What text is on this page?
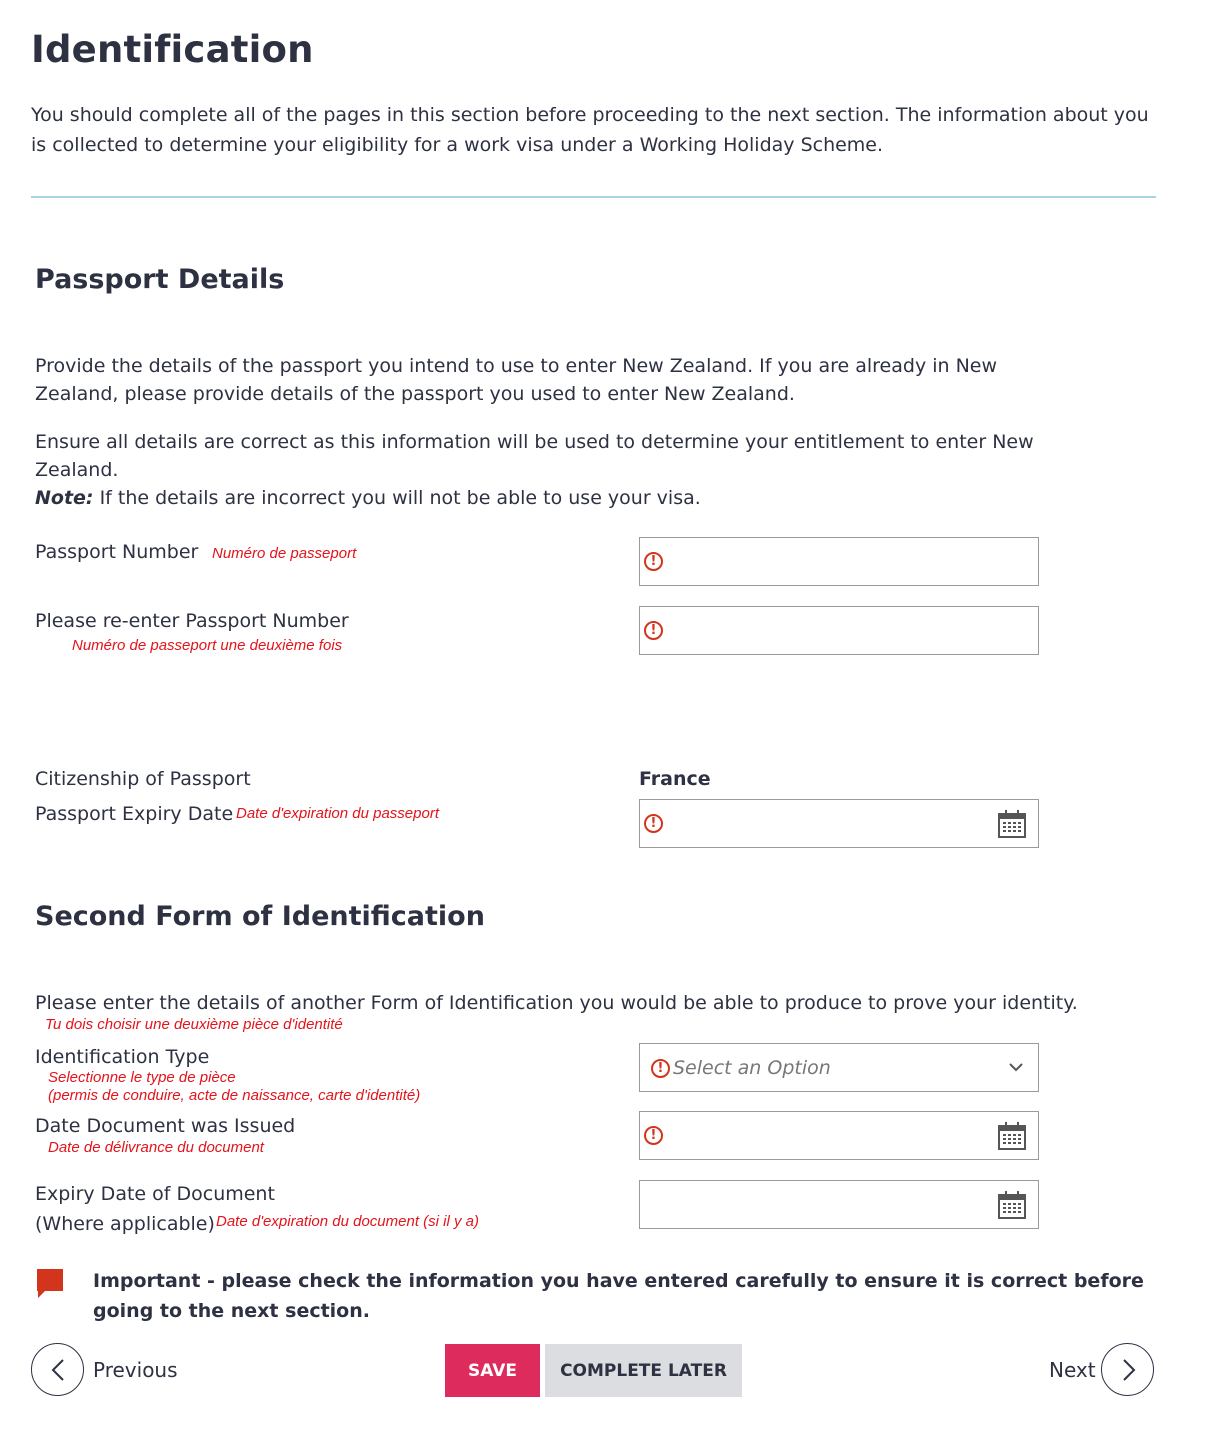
Identification
You should complete all of the pages in this section before proceeding to the next section. The information about you is collected to determine your eligibility for a work visa under a Working Holiday Scheme.
Passport Details
Provide the details of the passport you intend to use to enter New Zealand. If you are already in New Zealand, please provide details of the passport you used to enter New Zealand.
Ensure all details are correct as this information will be used to determine your entitlement to enter New Zealand.
Note: If the details are incorrect you will not be able to use your visa.
Passport Number Numéro de passeport	!
Please re-enter Passport Number
Numéro de passeport une deuxième fois
!
Citizenship of Passport	France
Passport Expiry Date Date d'expiration du passeport
!
Second Form of Identification
Please enter the details of another Form of Identification you would be able to produce to prove your identity.
Tu dois choisir une deuxième pièce d'identité
Identification Type
Selectionne le type de pièce
(permis de conduire, acte de naissance, carte d'identité)
! Select an Option
Date Document was Issued
Date de délivrance du document
!
Expiry Date of Document
(Where applicable) Date d'expiration du document (si il y a)
Important - please check the information you have entered carefully to ensure it is correct before going to the next section.
Previous	SAVE	COMPLETE LATER	Next
